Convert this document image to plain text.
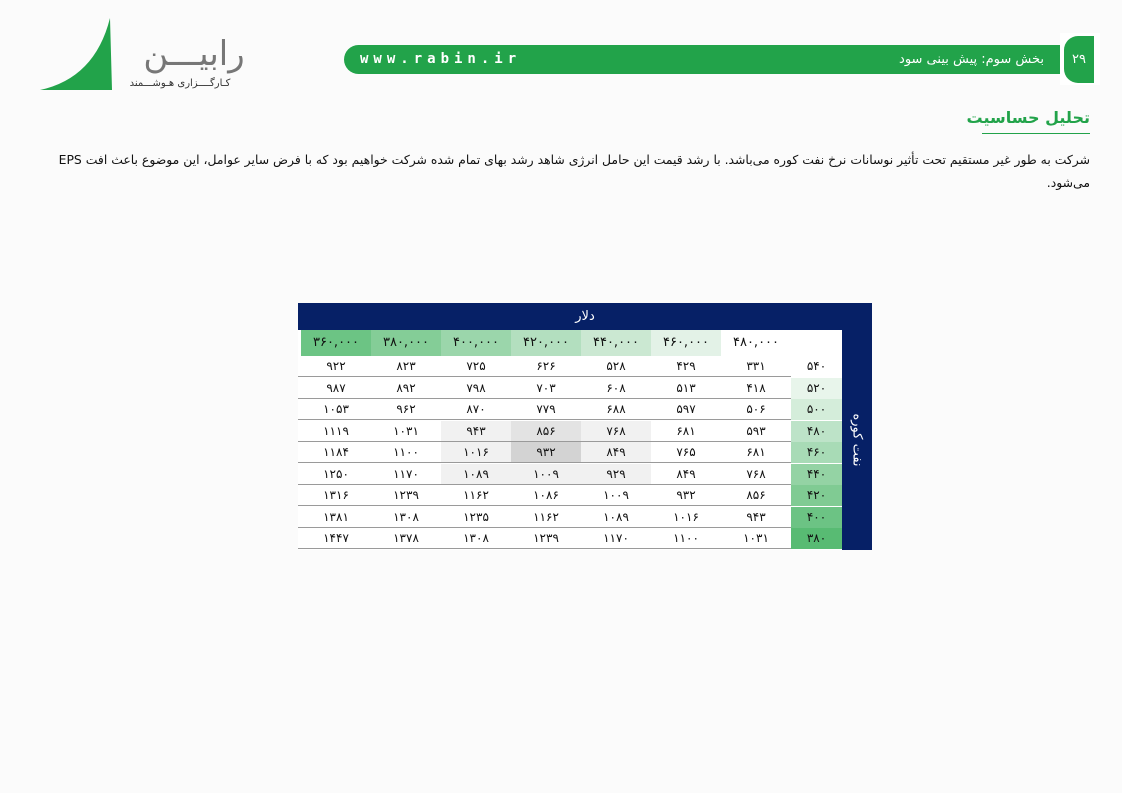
رابیـــن
کـارگــــزاری هـوشـــمند
www.rabin.ir	بخش سوم: پیش بینی سود	۲۹
تحلیل حساسیت
شرکت به طور غیر مستقیم تحت تأثیر نوسانات نرخ نفت کوره می‌باشد. با رشد قیمت این حامل انرژی شاهد رشد بهای تمام شده شرکت خواهیم بود که با فرض سایر عوامل، این موضوع باعث افت EPS می‌شود.
دلار
نفت کوره
۴۸۰,۰۰۰
۴۶۰,۰۰۰
۴۴۰,۰۰۰
۴۲۰,۰۰۰
۴۰۰,۰۰۰
۳۸۰,۰۰۰
۳۶۰,۰۰۰
۵۴۰
۳۳۱
۴۲۹
۵۲۸
۶۲۶
۷۲۵
۸۲۳
۹۲۲
۵۲۰
۴۱۸
۵۱۳
۶۰۸
۷۰۳
۷۹۸
۸۹۲
۹۸۷
۵۰۰
۵۰۶
۵۹۷
۶۸۸
۷۷۹
۸۷۰
۹۶۲
۱۰۵۳
۴۸۰
۵۹۳
۶۸۱
۷۶۸
۸۵۶
۹۴۳
۱۰۳۱
۱۱۱۹
۴۶۰
۶۸۱
۷۶۵
۸۴۹
۹۳۲
۱۰۱۶
۱۱۰۰
۱۱۸۴
۴۴۰
۷۶۸
۸۴۹
۹۲۹
۱۰۰۹
۱۰۸۹
۱۱۷۰
۱۲۵۰
۴۲۰
۸۵۶
۹۳۲
۱۰۰۹
۱۰۸۶
۱۱۶۲
۱۲۳۹
۱۳۱۶
۴۰۰
۹۴۳
۱۰۱۶
۱۰۸۹
۱۱۶۲
۱۲۳۵
۱۳۰۸
۱۳۸۱
۳۸۰
۱۰۳۱
۱۱۰۰
۱۱۷۰
۱۲۳۹
۱۳۰۸
۱۳۷۸
۱۴۴۷
